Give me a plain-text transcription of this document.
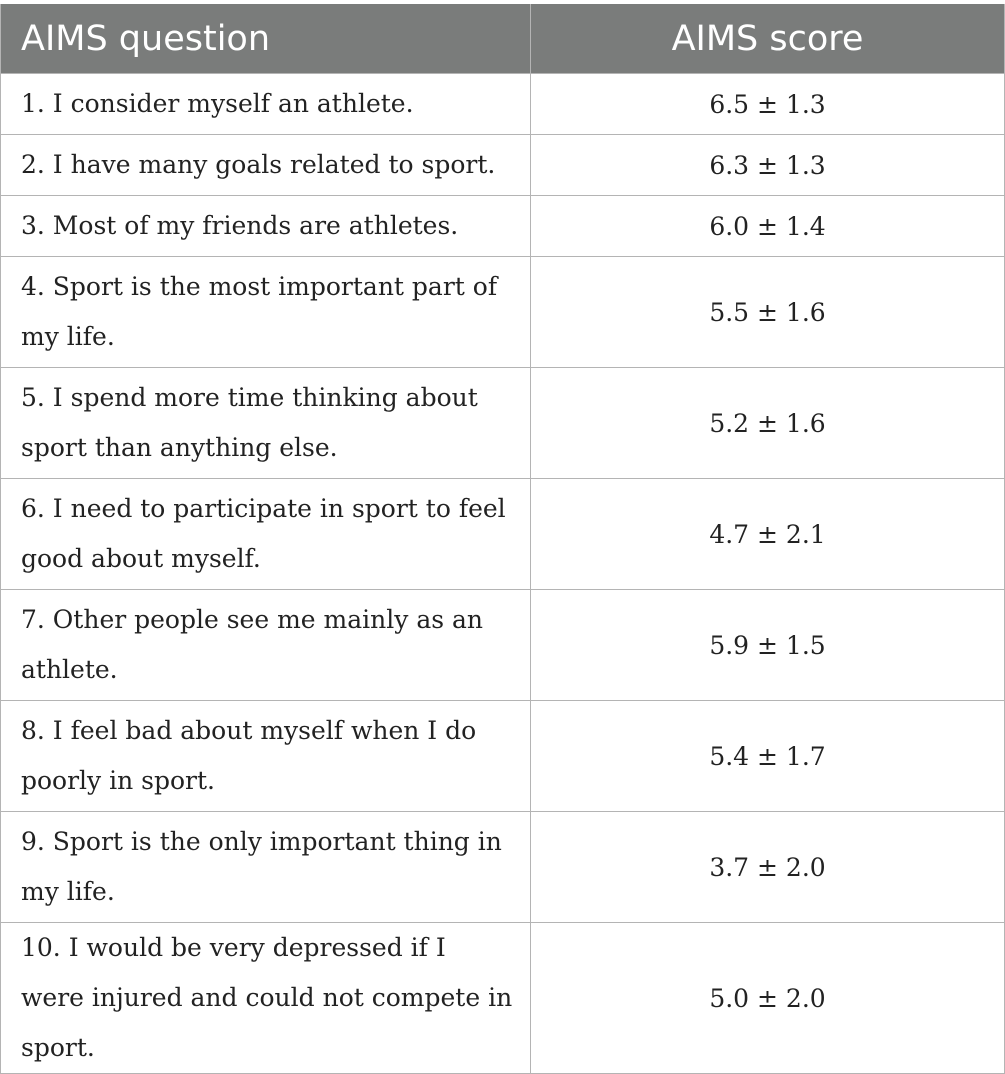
AIMS question	AIMS score
1. I consider myself an athlete.	6.5 ± 1.3
2. I have many goals related to sport.	6.3 ± 1.3
3. Most of my friends are athletes.	6.0 ± 1.4
4. Sport is the most important part of my life.	5.5 ± 1.6
5. I spend more time thinking about sport than anything else.	5.2 ± 1.6
6. I need to participate in sport to feel good about myself.	4.7 ± 2.1
7. Other people see me mainly as an athlete.	5.9 ± 1.5
8. I feel bad about myself when I do poorly in sport.	5.4 ± 1.7
9. Sport is the only important thing in my life.	3.7 ± 2.0
10. I would be very depressed if I were injured and could not compete in sport.	5.0 ± 2.0
